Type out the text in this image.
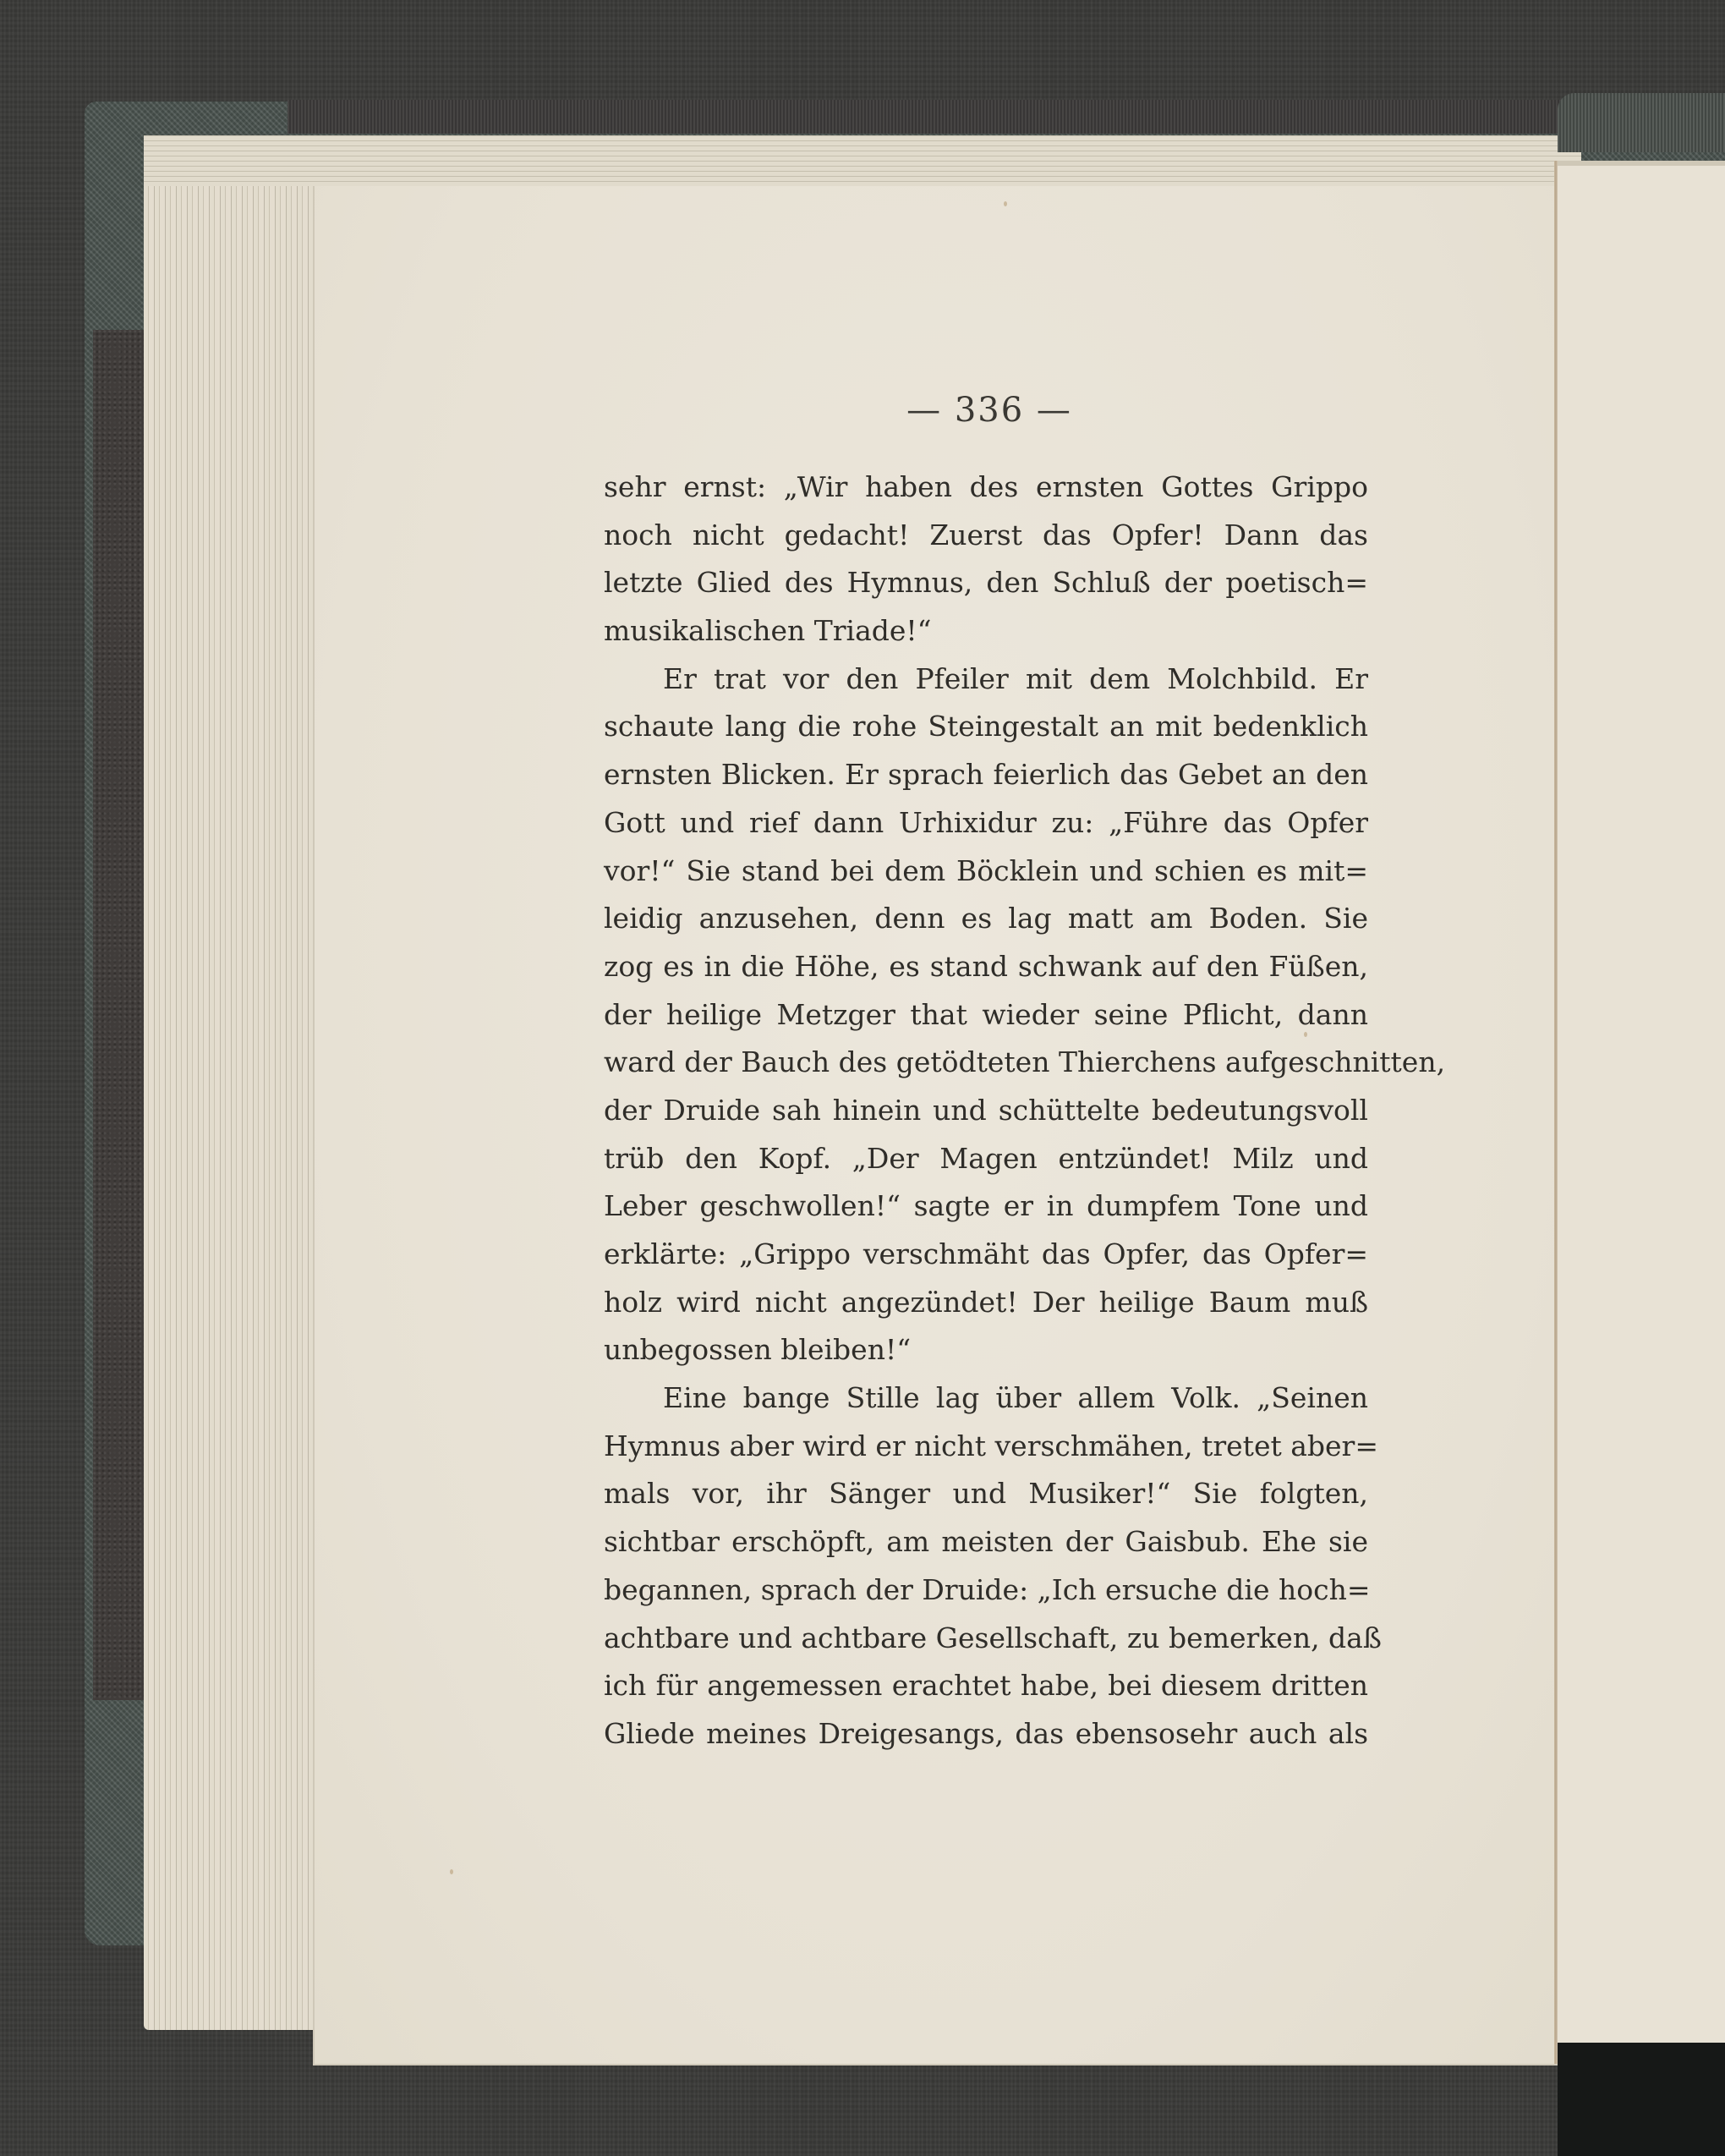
— 336 —
sehr ernst: „Wir haben des ernsten Gottes Grippo
noch nicht gedacht! Zuerst das Opfer! Dann das
letzte Glied des Hymnus, den Schluß der poetisch=
musikalischen Triade!“
Er trat vor den Pfeiler mit dem Molchbild. Er
schaute lang die rohe Steingestalt an mit bedenklich
ernsten Blicken. Er sprach feierlich das Gebet an den
Gott und rief dann Urhixidur zu: „Führe das Opfer
vor!“ Sie stand bei dem Böcklein und schien es mit=
leidig anzusehen, denn es lag matt am Boden. Sie
zog es in die Höhe, es stand schwank auf den Füßen,
der heilige Metzger that wieder seine Pflicht, dann
ward der Bauch des getödteten Thierchens aufgeschnitten,
der Druide sah hinein und schüttelte bedeutungsvoll
trüb den Kopf. „Der Magen entzündet! Milz und
Leber geschwollen!“ sagte er in dumpfem Tone und
erklärte: „Grippo verschmäht das Opfer, das Opfer=
holz wird nicht angezündet! Der heilige Baum muß
unbegossen bleiben!“
Eine bange Stille lag über allem Volk. „Seinen
Hymnus aber wird er nicht verschmähen, tretet aber=
mals vor, ihr Sänger und Musiker!“ Sie folgten,
sichtbar erschöpft, am meisten der Gaisbub. Ehe sie
begannen, sprach der Druide: „Ich ersuche die hoch=
achtbare und achtbare Gesellschaft, zu bemerken, daß
ich für angemessen erachtet habe, bei diesem dritten
Gliede meines Dreigesangs, das ebensosehr auch als
